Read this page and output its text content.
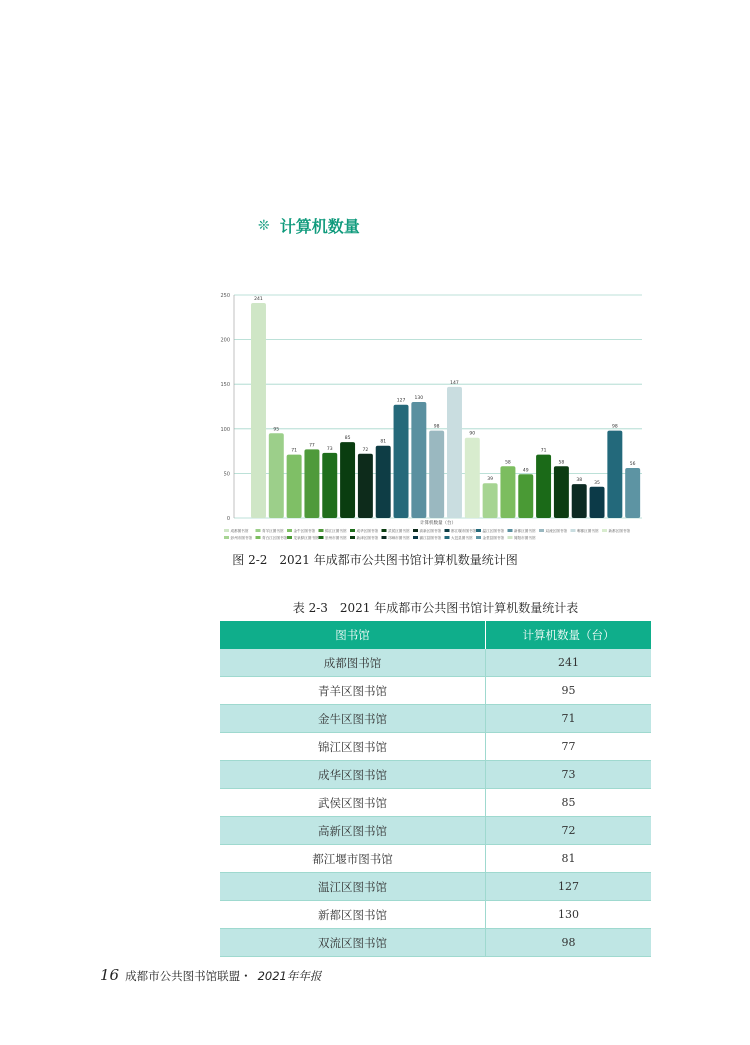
❊ 计算机数量
0
50
100
150
200
250
241
95
71
77
73
85
72
81
127
130
98
147
90
39
58
49
71
58
38
35
98
56
计算机数量（台）
成都图书馆	青羊区图书馆	金牛区图书馆	锦江区图书馆	成华区图书馆	武侯区图书馆	高新区图书馆	都江堰市图书馆 温江区图书馆	新都区图书馆	双流区图书馆	郫都区图书馆	新都区图书馆
彭州市图书馆	青白江区图书馆 龙泉驿区图书馆 崇州市图书馆	新津区图书馆	邛崃市图书馆	蒲江县图书馆	大邑县图书馆	金堂县图书馆	简阳市图书馆
图 2-2　2021 年成都市公共图书馆计算机数量统计图
表 2-3　2021 年成都市公共图书馆计算机数量统计表
图书馆	计算机数量（台）
成都图书馆	241
青羊区图书馆	95
金牛区图书馆	71
锦江区图书馆	77
成华区图书馆	73
武侯区图书馆	85
高新区图书馆	72
都江堰市图书馆	81
温江区图书馆	127
新都区图书馆	130
双流区图书馆	98
16 成都市公共图书馆联盟・ 2021年年报
